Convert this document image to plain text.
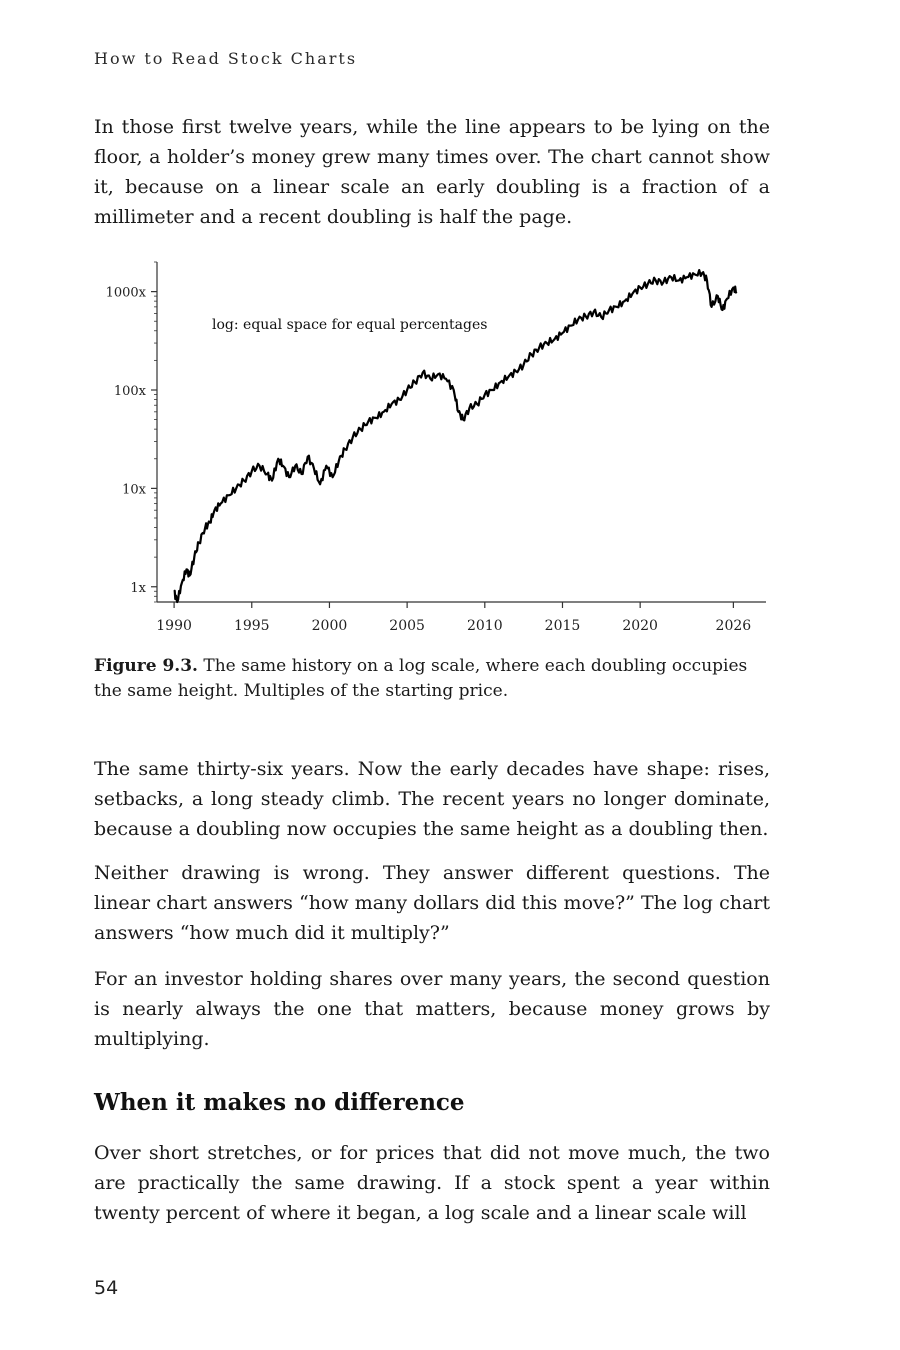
How to Read Stock Charts

In those first twelve years, while the line appears to be lying on the floor, a holder’s money grew many times over. The chart cannot show it, because on a linear scale an early doubling is a fraction of a millimeter and a recent doubling is half the page.

1x
10x
100x
1000x
1990	1995	2000	2005	2010	2015	2020	2026
log: equal space for equal percentages

Figure 9.3. The same history on a log scale, where each doubling occupies the same height. Multiples of the starting price.

The same thirty-six years. Now the early decades have shape: rises, setbacks, a long steady climb. The recent years no longer dominate, because a doubling now occupies the same height as a doubling then.

Neither drawing is wrong. They answer different questions. The linear chart answers “how many dollars did this move?” The log chart answers “how much did it multiply?”

For an investor holding shares over many years, the second question is nearly always the one that matters, because money grows by multiplying.

When it makes no difference

Over short stretches, or for prices that did not move much, the two are practically the same drawing. If a stock spent a year within twenty percent of where it began, a log scale and a linear scale will

54
